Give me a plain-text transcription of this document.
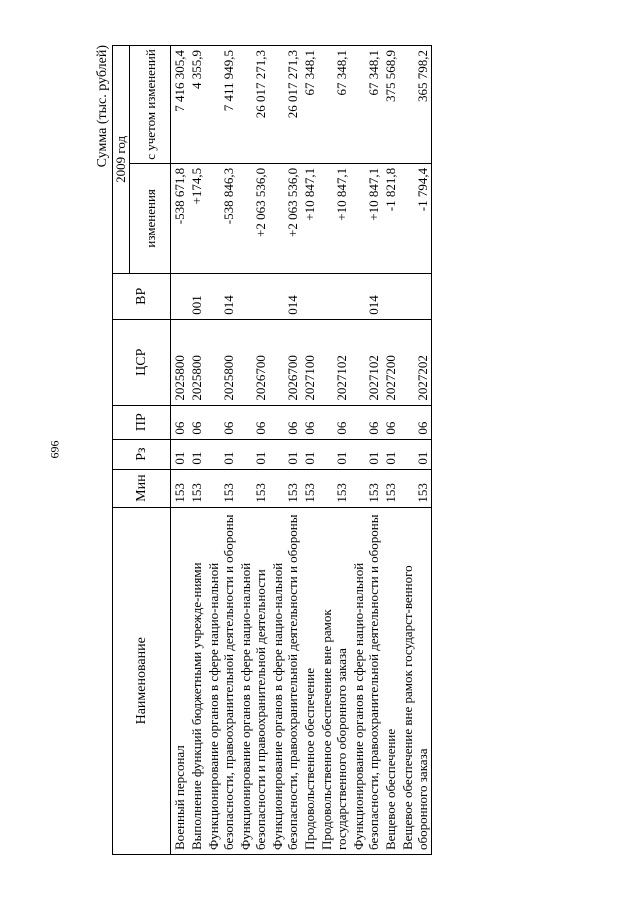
696
Сумма (тыс. рублей)
Наименование	Мин	Рз	ПР	ЦСР	ВР	2009 год	
						изменения	с учетом изменений
Военный персонал	153	01	06	2025800		-538 671,8	7 416 305,4
Выполнение функций бюджетными учрежде-ниями	153	01	06	2025800	001	+174,5	4 355,9
Функционирование органов в сфере нацио-нальной безопасности, правоохранительной деятельности и обороны	153	01	06	2025800	014	-538 846,3	7 411 949,5
Функционирование органов в сфере нацио-нальной безопасности и правоохранительной деятельности	153	01	06	2026700		+2 063 536,0	26 017 271,3
Функционирование органов в сфере нацио-нальной безопасности, правоохранительной деятельности и обороны	153	01	06	2026700	014	+2 063 536,0	26 017 271,3
Продовольственное обеспечение	153	01	06	2027100		+10 847,1	67 348,1
Продовольственное обеспечение вне рамок государственного оборонного заказа	153	01	06	2027102		+10 847,1	67 348,1
Функционирование органов в сфере нацио-нальной безопасности, правоохранительной деятельности и обороны	153	01	06	2027102	014	+10 847,1	67 348,1
Вещевое обеспечение	153	01	06	2027200		-1 821,8	375 568,9
Вещевое обеспечение вне рамок государст-венного оборонного заказа	153	01	06	2027202		-1 794,4	365 798,2
